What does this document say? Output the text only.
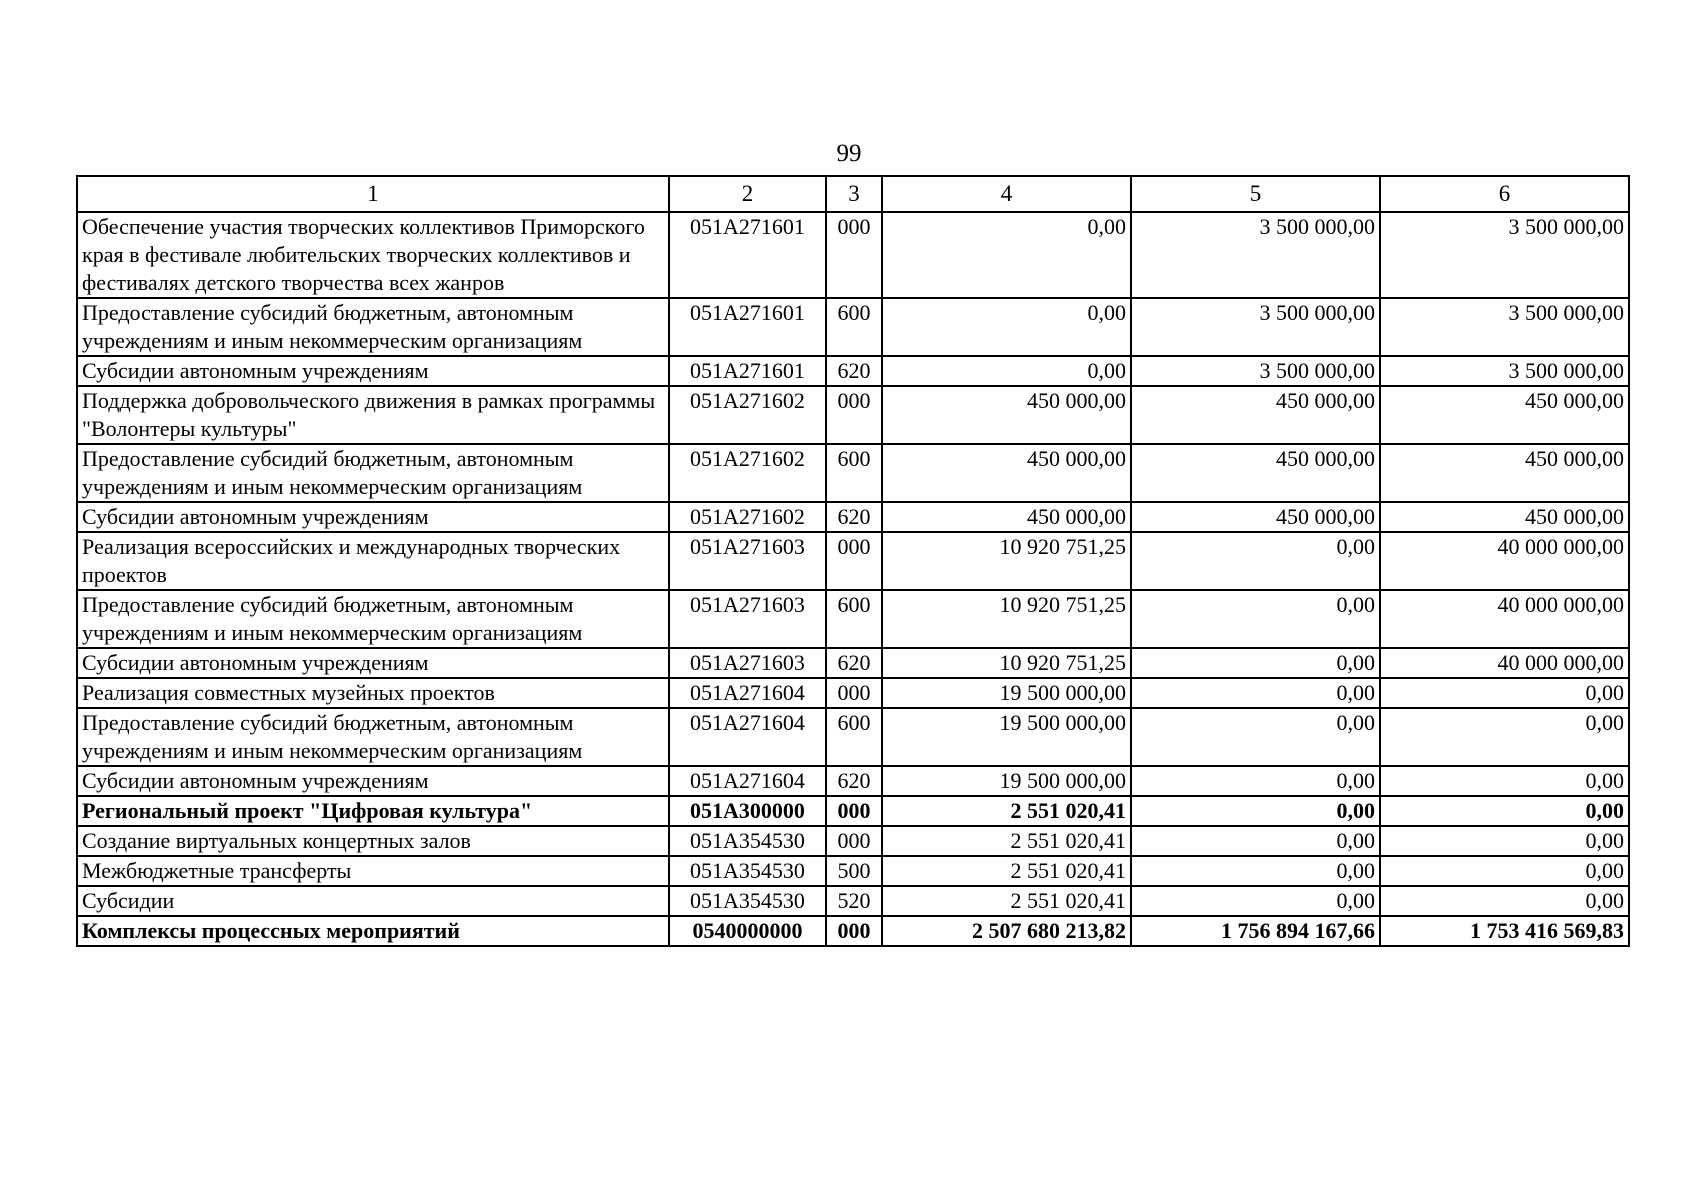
99
1	2	3	4	5	6
Обеспечение участия творческих коллективов Приморского края в фестивале любительских творческих коллективов и фестивалях детского творчества всех жанров	051A271601	000	0,00	3 500 000,00	3 500 000,00
Предоставление субсидий бюджетным, автономным учреждениям и иным некоммерческим организациям	051A271601	600	0,00	3 500 000,00	3 500 000,00
Субсидии автономным учреждениям	051A271601	620	0,00	3 500 000,00	3 500 000,00
Поддержка добровольческого движения в рамках программы "Волонтеры культуры"	051A271602	000	450 000,00	450 000,00	450 000,00
Предоставление субсидий бюджетным, автономным учреждениям и иным некоммерческим организациям	051A271602	600	450 000,00	450 000,00	450 000,00
Субсидии автономным учреждениям	051A271602	620	450 000,00	450 000,00	450 000,00
Реализация всероссийских и международных творческих проектов	051A271603	000	10 920 751,25	0,00	40 000 000,00
Предоставление субсидий бюджетным, автономным учреждениям и иным некоммерческим организациям	051A271603	600	10 920 751,25	0,00	40 000 000,00
Субсидии автономным учреждениям	051A271603	620	10 920 751,25	0,00	40 000 000,00
Реализация совместных музейных проектов	051A271604	000	19 500 000,00	0,00	0,00
Предоставление субсидий бюджетным, автономным учреждениям и иным некоммерческим организациям	051A271604	600	19 500 000,00	0,00	0,00
Субсидии автономным учреждениям	051A271604	620	19 500 000,00	0,00	0,00
Региональный проект "Цифровая культура"	051A300000	000	2 551 020,41	0,00	0,00
Создание виртуальных концертных залов	051A354530	000	2 551 020,41	0,00	0,00
Межбюджетные трансферты	051A354530	500	2 551 020,41	0,00	0,00
Субсидии	051A354530	520	2 551 020,41	0,00	0,00
Комплексы процессных мероприятий	0540000000	000	2 507 680 213,82	1 756 894 167,66	1 753 416 569,83
